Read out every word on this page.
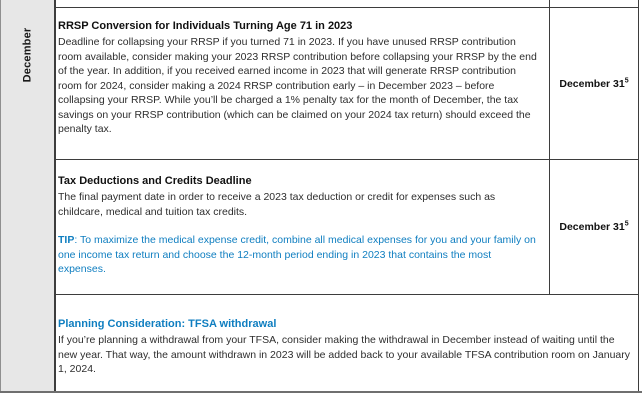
December
RRSP Conversion for Individuals Turning Age 71 in 2023

Deadline for collapsing your RRSP if you turned 71 in 2023. If you have unused RRSP contribution room available, consider making your 2023 RRSP contribution before collapsing your RRSP by the end of the year. In addition, if you received earned income in 2023 that will generate RRSP contribution room for 2024, consider making a 2024 RRSP contribution early – in December 2023 – before collapsing your RRSP. While you’ll be charged a 1% penalty tax for the month of December, the tax savings on your RRSP contribution (which can be claimed on your 2024 tax return) should exceed the penalty tax.

December $31^5$
Tax Deductions and Credits Deadline

The final payment date in order to receive a 2023 tax deduction or credit for expenses such as childcare, medical and tuition tax credits.

TIP: To maximize the medical expense credit, combine all medical expenses for you and your family on one income tax return and choose the 12-month period ending in 2023 that contains the most expenses.

December $31^5$
Planning Consideration: TFSA withdrawal

If you’re planning a withdrawal from your TFSA, consider making the withdrawal in December instead of waiting until the new year. That way, the amount withdrawn in 2023 will be added back to your available TFSA contribution room on January 1, 2024.
